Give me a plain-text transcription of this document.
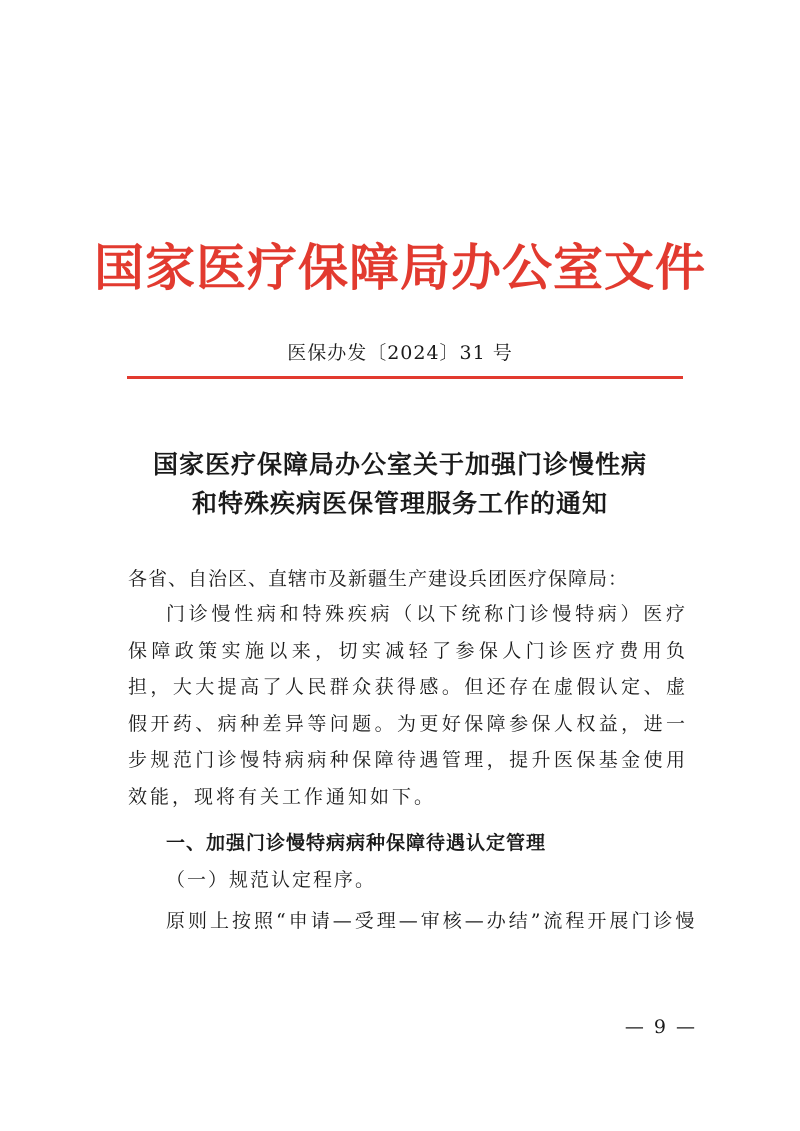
国家医疗保障局办公室文件
医保办发〔2024〕31 号
国家医疗保障局办公室关于加强门诊慢性病
和特殊疾病医保管理服务工作的通知
各省、自治区、直辖市及新疆生产建设兵团医疗保障局：
门诊慢性病和特殊疾病（以下统称门诊慢特病）医疗保障政策实施以来，切实减轻了参保人门诊医疗费用负担，大大提高了人民群众获得感。但还存在虚假认定、虚假开药、病种差异等问题。为更好保障参保人权益，进一步规范门诊慢特病病种保障待遇管理，提升医保基金使用效能，现将有关工作通知如下。
一、加强门诊慢特病病种保障待遇认定管理
（一）规范认定程序。
原则上按照“申请—受理—审核—办结”流程开展门诊慢
— 9 —
